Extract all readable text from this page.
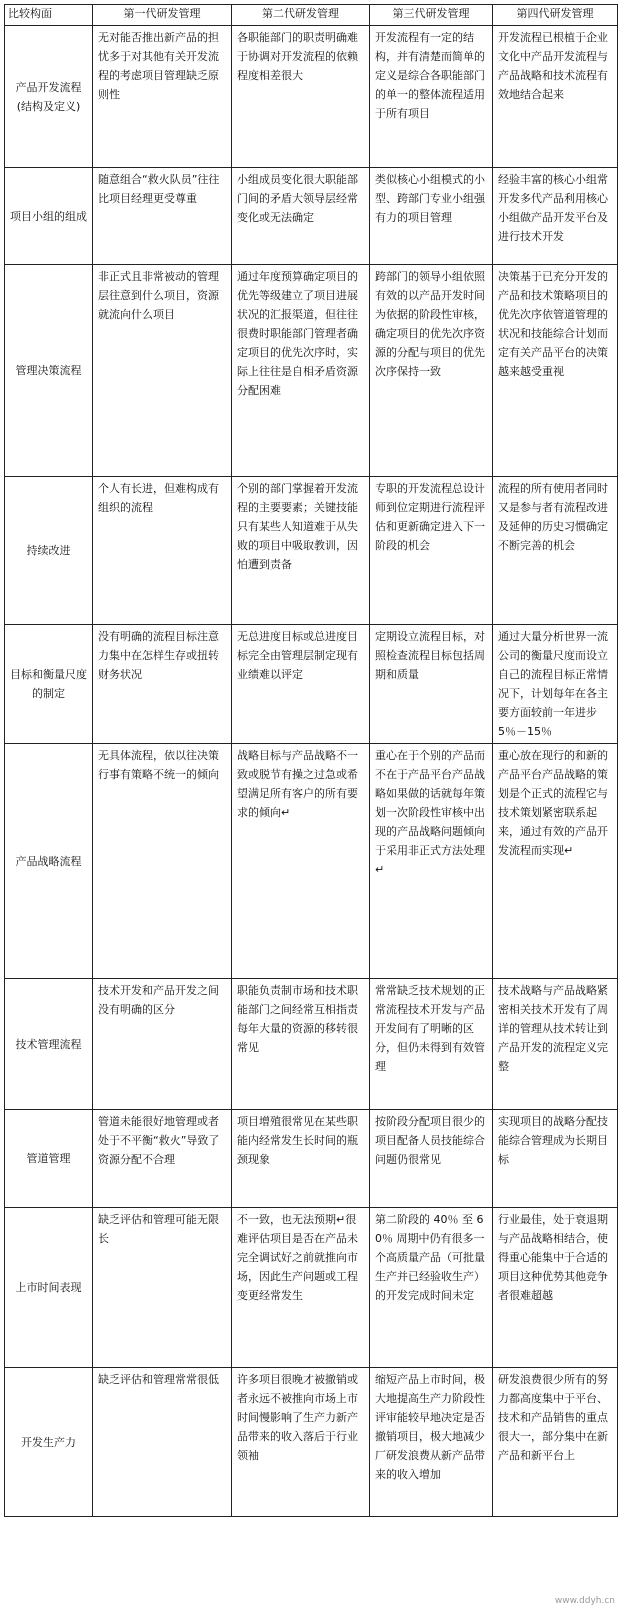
比较构面	第一代研发管理	第二代研发管理	第三代研发管理	第四代研发管理
产品开发流程(结构及定义)	无对能否推出新产品的担忧多于对其他有关开发流程的考虑项目管理缺乏原则性	各职能部门的职责明确难于协调对开发流程的依赖程度相差很大	开发流程有一定的结构，并有清楚而简单的定义是综合各职能部门的单一的整体流程适用于所有项目	开发流程已根植于企业文化中产品开发流程与产品战略和技术流程有效地结合起来
项目小组的组成	随意组合“救火队员”往往比项目经理更受尊重	小组成员变化很大职能部门间的矛盾大领导层经常变化或无法确定	类似核心小组模式的小型、跨部门专业小组强有力的项目管理	经验丰富的核心小组常开发多代产品利用核心小组做产品开发平台及进行技术开发
管理决策流程	非正式且非常被动的管理层往意到什么项目，资源就流向什么项目	通过年度预算确定项目的优先等级建立了项目进展状况的汇报渠道，但往往很费时职能部门管理者确定项目的优先次序时，实际上往往是自相矛盾资源分配困难	跨部门的领导小组依照有效的以产品开发时间为依据的阶段性审核，确定项目的优先次序资源的分配与项目的优先次序保持一致	决策基于已充分开发的产品和技术策略项目的优先次序依管道管理的状况和技能综合计划而定有关产品平台的决策越来越受重视
持续改进	个人有长进，但难构成有组织的流程	个别的部门掌握着开发流程的主要要素；关键技能只有某些人知道难于从失败的项目中吸取教训，因怕遭到责备	专职的开发流程总设计师到位定期进行流程评估和更新确定进入下一阶段的机会	流程的所有使用者同时又是参与者有流程改进及延伸的历史习惯确定不断完善的机会
目标和衡量尺度的制定	没有明确的流程目标注意力集中在怎样生存或扭转财务状况	无总进度目标或总进度目标完全由管理层制定现有业绩难以评定	定期设立流程目标，对照检查流程目标包括周期和质量	通过大量分析世界一流公司的衡量尺度而设立自己的流程目标正常情况下，计划每年在各主要方面较前一年进步 5％－15％
产品战略流程	无具体流程，依以往决策行事有策略不统一的倾向	战略目标与产品战略不一致或脱节有操之过急或希望满足所有客户的所有要求的倾向↵	重心在于个别的产品而不在于产品平台产品战略如果做的话就每年策划一次阶段性审核中出现的产品战略问题倾向于采用非正式方法处理↵	重心放在现行的和新的产品平台产品战略的策划是个正式的流程它与技术策划紧密联系起来，通过有效的产品开发流程而实现↵
技术管理流程	技术开发和产品开发之间没有明确的区分	职能负责制市场和技术职能部门之间经常互相指责每年大量的资源的移转很常见	常常缺乏技术规划的正常流程技术开发与产品开发间有了明晰的区分，但仍未得到有效管理	技术战略与产品战略紧密相关技术开发有了周详的管理从技术转让到产品开发的流程定义完整
管道管理	管道未能很好地管理或者处于不平衡“救火”导致了资源分配不合理	项目增殖很常见在某些职能内经常发生长时间的瓶颈现象	按阶段分配项目很少的项目配备人员技能综合问题仍很常见	实现项目的战略分配技能综合管理成为长期目标
上市时间表现	缺乏评估和管理可能无限长	不一致，也无法预期↵很难评估项目是否在产品未完全调试好之前就推向市场，因此生产问题或工程变更经常发生	第二阶段的 40％ 至 60％ 周期中仍有很多一个高质量产品（可批量生产并已经验收生产）的开发完成时间未定	行业最佳，处于衰退期与产品战略相结合，使得重心能集中于合适的项目这种优势其他竞争者很难超越
开发生产力	缺乏评估和管理常常很低	许多项目很晚才被撤销或者永远不被推向市场上市时间慢影响了生产力新产品带来的收入落后于行业领袖	缩短产品上市时间，极大地提高生产力阶段性评审能较早地决定是否撤销项目，极大地减少厂研发浪费从新产品带来的收入增加	研发浪费很少所有的努力都高度集中于平台、技术和产品销售的重点很大一，部分集中在新产品和新平台上
www.ddyh.cn
